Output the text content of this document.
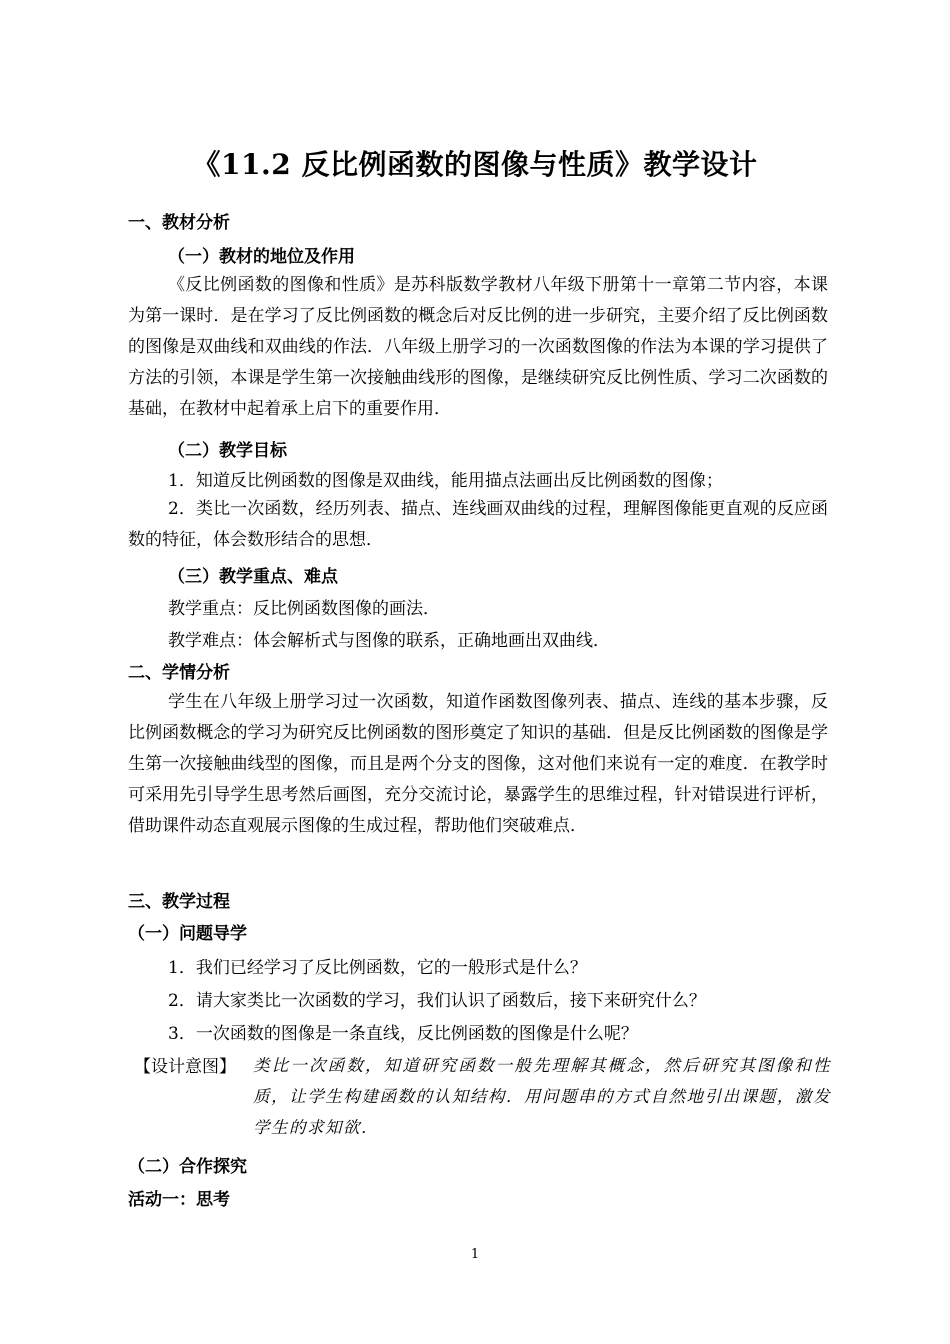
《11.2 反比例函数的图像与性质》教学设计
一、教材分析
（一）教材的地位及作用
《反比例函数的图像和性质》是苏科版数学教材八年级下册第十一章第二节内容，本课为第一课时．是在学习了反比例函数的概念后对反比例的进一步研究，主要介绍了反比例函数的图像是双曲线和双曲线的作法．八年级上册学习的一次函数图像的作法为本课的学习提供了方法的引领，本课是学生第一次接触曲线形的图像，是继续研究反比例性质、学习二次函数的基础，在教材中起着承上启下的重要作用．
（二）教学目标
1．知道反比例函数的图像是双曲线，能用描点法画出反比例函数的图像；
2．类比一次函数，经历列表、描点、连线画双曲线的过程，理解图像能更直观的反应函数的特征，体会数形结合的思想．
（三）教学重点、难点
教学重点：反比例函数图像的画法．
教学难点：体会解析式与图像的联系，正确地画出双曲线．
二、学情分析
学生在八年级上册学习过一次函数，知道作函数图像列表、描点、连线的基本步骤，反比例函数概念的学习为研究反比例函数的图形奠定了知识的基础．但是反比例函数的图像是学生第一次接触曲线型的图像，而且是两个分支的图像，这对他们来说有一定的难度．在教学时可采用先引导学生思考然后画图，充分交流讨论，暴露学生的思维过程，针对错误进行评析，借助课件动态直观展示图像的生成过程，帮助他们突破难点．
三、教学过程
（一）问题导学
1．我们已经学习了反比例函数，它的一般形式是什么？
2．请大家类比一次函数的学习，我们认识了函数后，接下来研究什么？
3．一次函数的图像是一条直线，反比例函数的图像是什么呢？
【设计意图】 类比一次函数，知道研究函数一般先理解其概念，然后研究其图像和性质，让学生构建函数的认知结构．用问题串的方式自然地引出课题，激发学生的求知欲．
（二）合作探究
活动一：思考
1
